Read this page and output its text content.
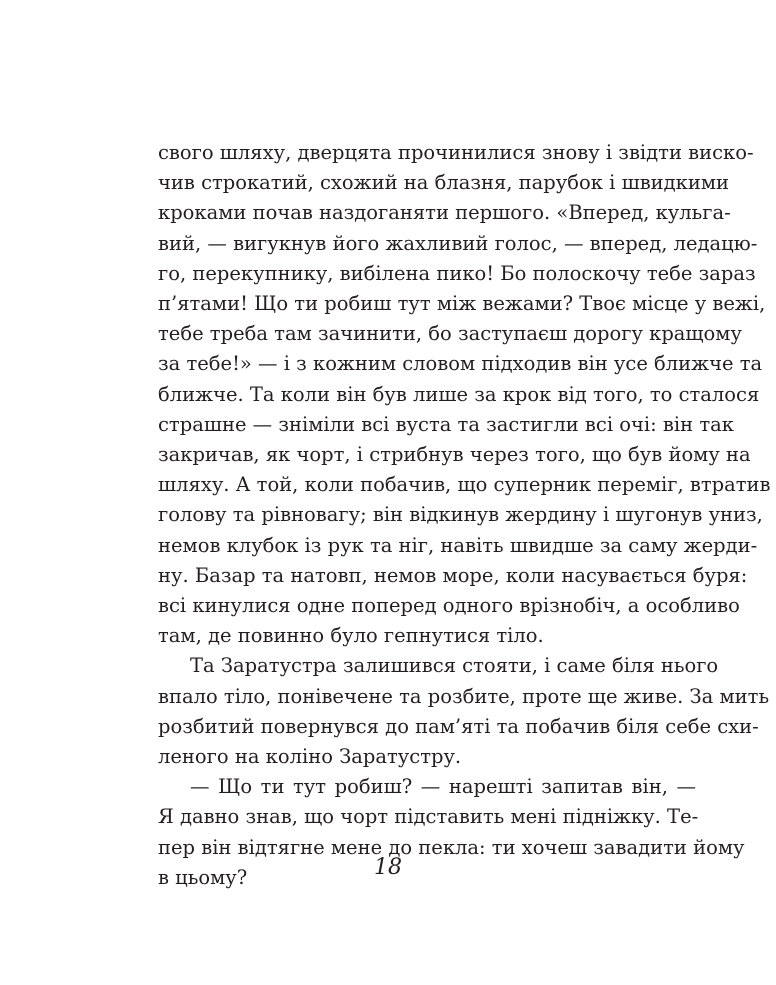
свого шляху, дверцята прочинилися знову і звідти виско-
чив строкатий, схожий на блазня, парубок і швидкими
кроками почав наздоганяти першого. «Вперед, кульга-
вий, — вигукнув його жахливий голос, — вперед, ледацю-
го, перекупнику, вибілена пико! Бо полоскочу тебе зараз
п’ятами! Що ти робиш тут між вежами? Твоє місце у вежі,
тебе треба там зачинити, бо заступаєш дорогу кращому
за тебе!» — і з кожним словом підходив він усе ближче та
ближче. Та коли він був лише за крок від того, то сталося
страшне — зніміли всі вуста та застигли всі очі: він так
закричав, як чорт, і стрибнув через того, що був йому на
шляху. А той, коли побачив, що суперник переміг, втратив
голову та рівновагу; він відкинув жердину і шугонув униз,
немов клубок із рук та ніг, навіть швидше за саму жерди-
ну. Базар та натовп, немов море, коли насувається буря:
всі кинулися одне поперед одного врізнобіч, а особливо
там, де повинно було гепнутися тіло.

Та Заратустра залишився стояти, і саме біля нього
впало тіло, понівечене та розбите, проте ще живе. За мить
розбитий повернувся до пам’яті та побачив біля себе схи-
леного на коліно Заратустру.

— Що ти тут робиш? — нарешті запитав він, —
Я давно знав, що чорт підставить мені підніжку. Те-
пер він відтягне мене до пекла: ти хочеш завадити йому
в цьому?	18
